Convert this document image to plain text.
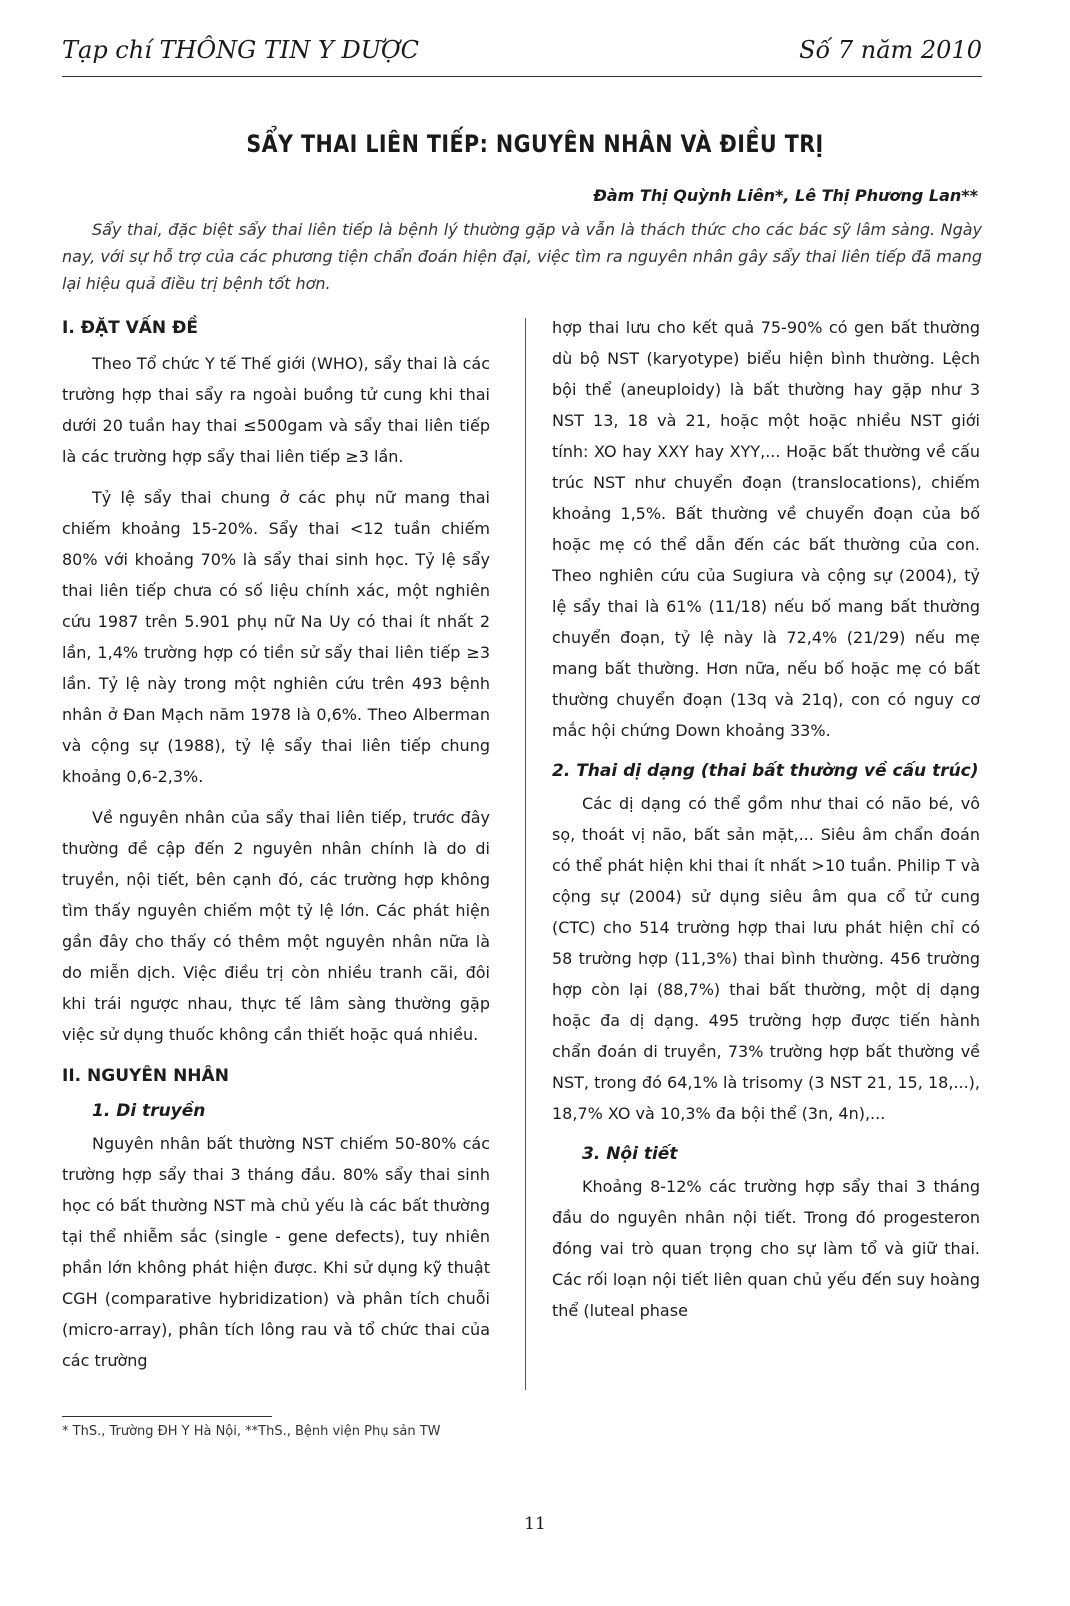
Tạp chí THÔNG TIN Y DƯỢC	Số 7 năm 2010
SẨY THAI LIÊN TIẾP: NGUYÊN NHÂN VÀ ĐIỀU TRỊ
Đàm Thị Quỳnh Liên*, Lê Thị Phương Lan**
Sẩy thai, đặc biệt sẩy thai liên tiếp là bệnh lý thường gặp và vẫn là thách thức cho các bác sỹ lâm sàng. Ngày nay, với sự hỗ trợ của các phương tiện chẩn đoán hiện đại, việc tìm ra nguyên nhân gây sẩy thai liên tiếp đã mang lại hiệu quả điều trị bệnh tốt hơn.
I. ĐẶT VẤN ĐỀ

Theo Tổ chức Y tế Thế giới (WHO), sẩy thai là các trường hợp thai sẩy ra ngoài buồng tử cung khi thai dưới 20 tuần hay thai ≤500gam và sẩy thai liên tiếp là các trường hợp sẩy thai liên tiếp ≥3 lần.

Tỷ lệ sẩy thai chung ở các phụ nữ mang thai chiếm khoảng 15-20%. Sẩy thai <12 tuần chiếm 80% với khoảng 70% là sẩy thai sinh học. Tỷ lệ sẩy thai liên tiếp chưa có số liệu chính xác, một nghiên cứu 1987 trên 5.901 phụ nữ Na Uy có thai ít nhất 2 lần, 1,4% trường hợp có tiền sử sẩy thai liên tiếp ≥3 lần. Tỷ lệ này trong một nghiên cứu trên 493 bệnh nhân ở Đan Mạch năm 1978 là 0,6%. Theo Alberman và cộng sự (1988), tỷ lệ sẩy thai liên tiếp chung khoảng 0,6-2,3%.

Về nguyên nhân của sẩy thai liên tiếp, trước đây thường đề cập đến 2 nguyên nhân chính là do di truyền, nội tiết, bên cạnh đó, các trường hợp không tìm thấy nguyên chiếm một tỷ lệ lớn. Các phát hiện gần đây cho thấy có thêm một nguyên nhân nữa là do miễn dịch. Việc điều trị còn nhiều tranh cãi, đôi khi trái ngược nhau, thực tế lâm sàng thường gặp việc sử dụng thuốc không cần thiết hoặc quá nhiều.

II. NGUYÊN NHÂN
1. Di truyền

Nguyên nhân bất thường NST chiếm 50-80% các trường hợp sẩy thai 3 tháng đầu. 80% sẩy thai sinh học có bất thường NST mà chủ yếu là các bất thường tại thể nhiễm sắc (single - gene defects), tuy nhiên phần lớn không phát hiện được. Khi sử dụng kỹ thuật CGH (comparative hybridization) và phân tích chuỗi (micro-array), phân tích lông rau và tổ chức thai của các trường

hợp thai lưu cho kết quả 75-90% có gen bất thường dù bộ NST (karyotype) biểu hiện bình thường. Lệch bội thể (aneuploidy) là bất thường hay gặp như 3 NST 13, 18 và 21, hoặc một hoặc nhiều NST giới tính: XO hay XXY hay XYY,... Hoặc bất thường về cấu trúc NST như chuyển đoạn (translocations), chiếm khoảng 1,5%. Bất thường về chuyển đoạn của bố hoặc mẹ có thể dẫn đến các bất thường của con. Theo nghiên cứu của Sugiura và cộng sự (2004), tỷ lệ sẩy thai là 61% (11/18) nếu bố mang bất thường chuyển đoạn, tỷ lệ này là 72,4% (21/29) nếu mẹ mang bất thường. Hơn nữa, nếu bố hoặc mẹ có bất thường chuyển đoạn (13q và 21q), con có nguy cơ mắc hội chứng Down khoảng 33%.

2. Thai dị dạng (thai bất thường về cấu trúc)

Các dị dạng có thể gồm như thai có não bé, vô sọ, thoát vị não, bất sản mặt,... Siêu âm chẩn đoán có thể phát hiện khi thai ít nhất >10 tuần. Philip T và cộng sự (2004) sử dụng siêu âm qua cổ tử cung (CTC) cho 514 trường hợp thai lưu phát hiện chỉ có 58 trường hợp (11,3%) thai bình thường. 456 trường hợp còn lại (88,7%) thai bất thường, một dị dạng hoặc đa dị dạng. 495 trường hợp được tiến hành chẩn đoán di truyền, 73% trường hợp bất thường về NST, trong đó 64,1% là trisomy (3 NST 21, 15, 18,...), 18,7% XO và 10,3% đa bội thể (3n, 4n),...

3. Nội tiết

Khoảng 8-12% các trường hợp sẩy thai 3 tháng đầu do nguyên nhân nội tiết. Trong đó progesteron đóng vai trò quan trọng cho sự làm tổ và giữ thai. Các rối loạn nội tiết liên quan chủ yếu đến suy hoàng thể (luteal phase

* ThS., Trường ĐH Y Hà Nội, **ThS., Bệnh viện Phụ sản TW
11
